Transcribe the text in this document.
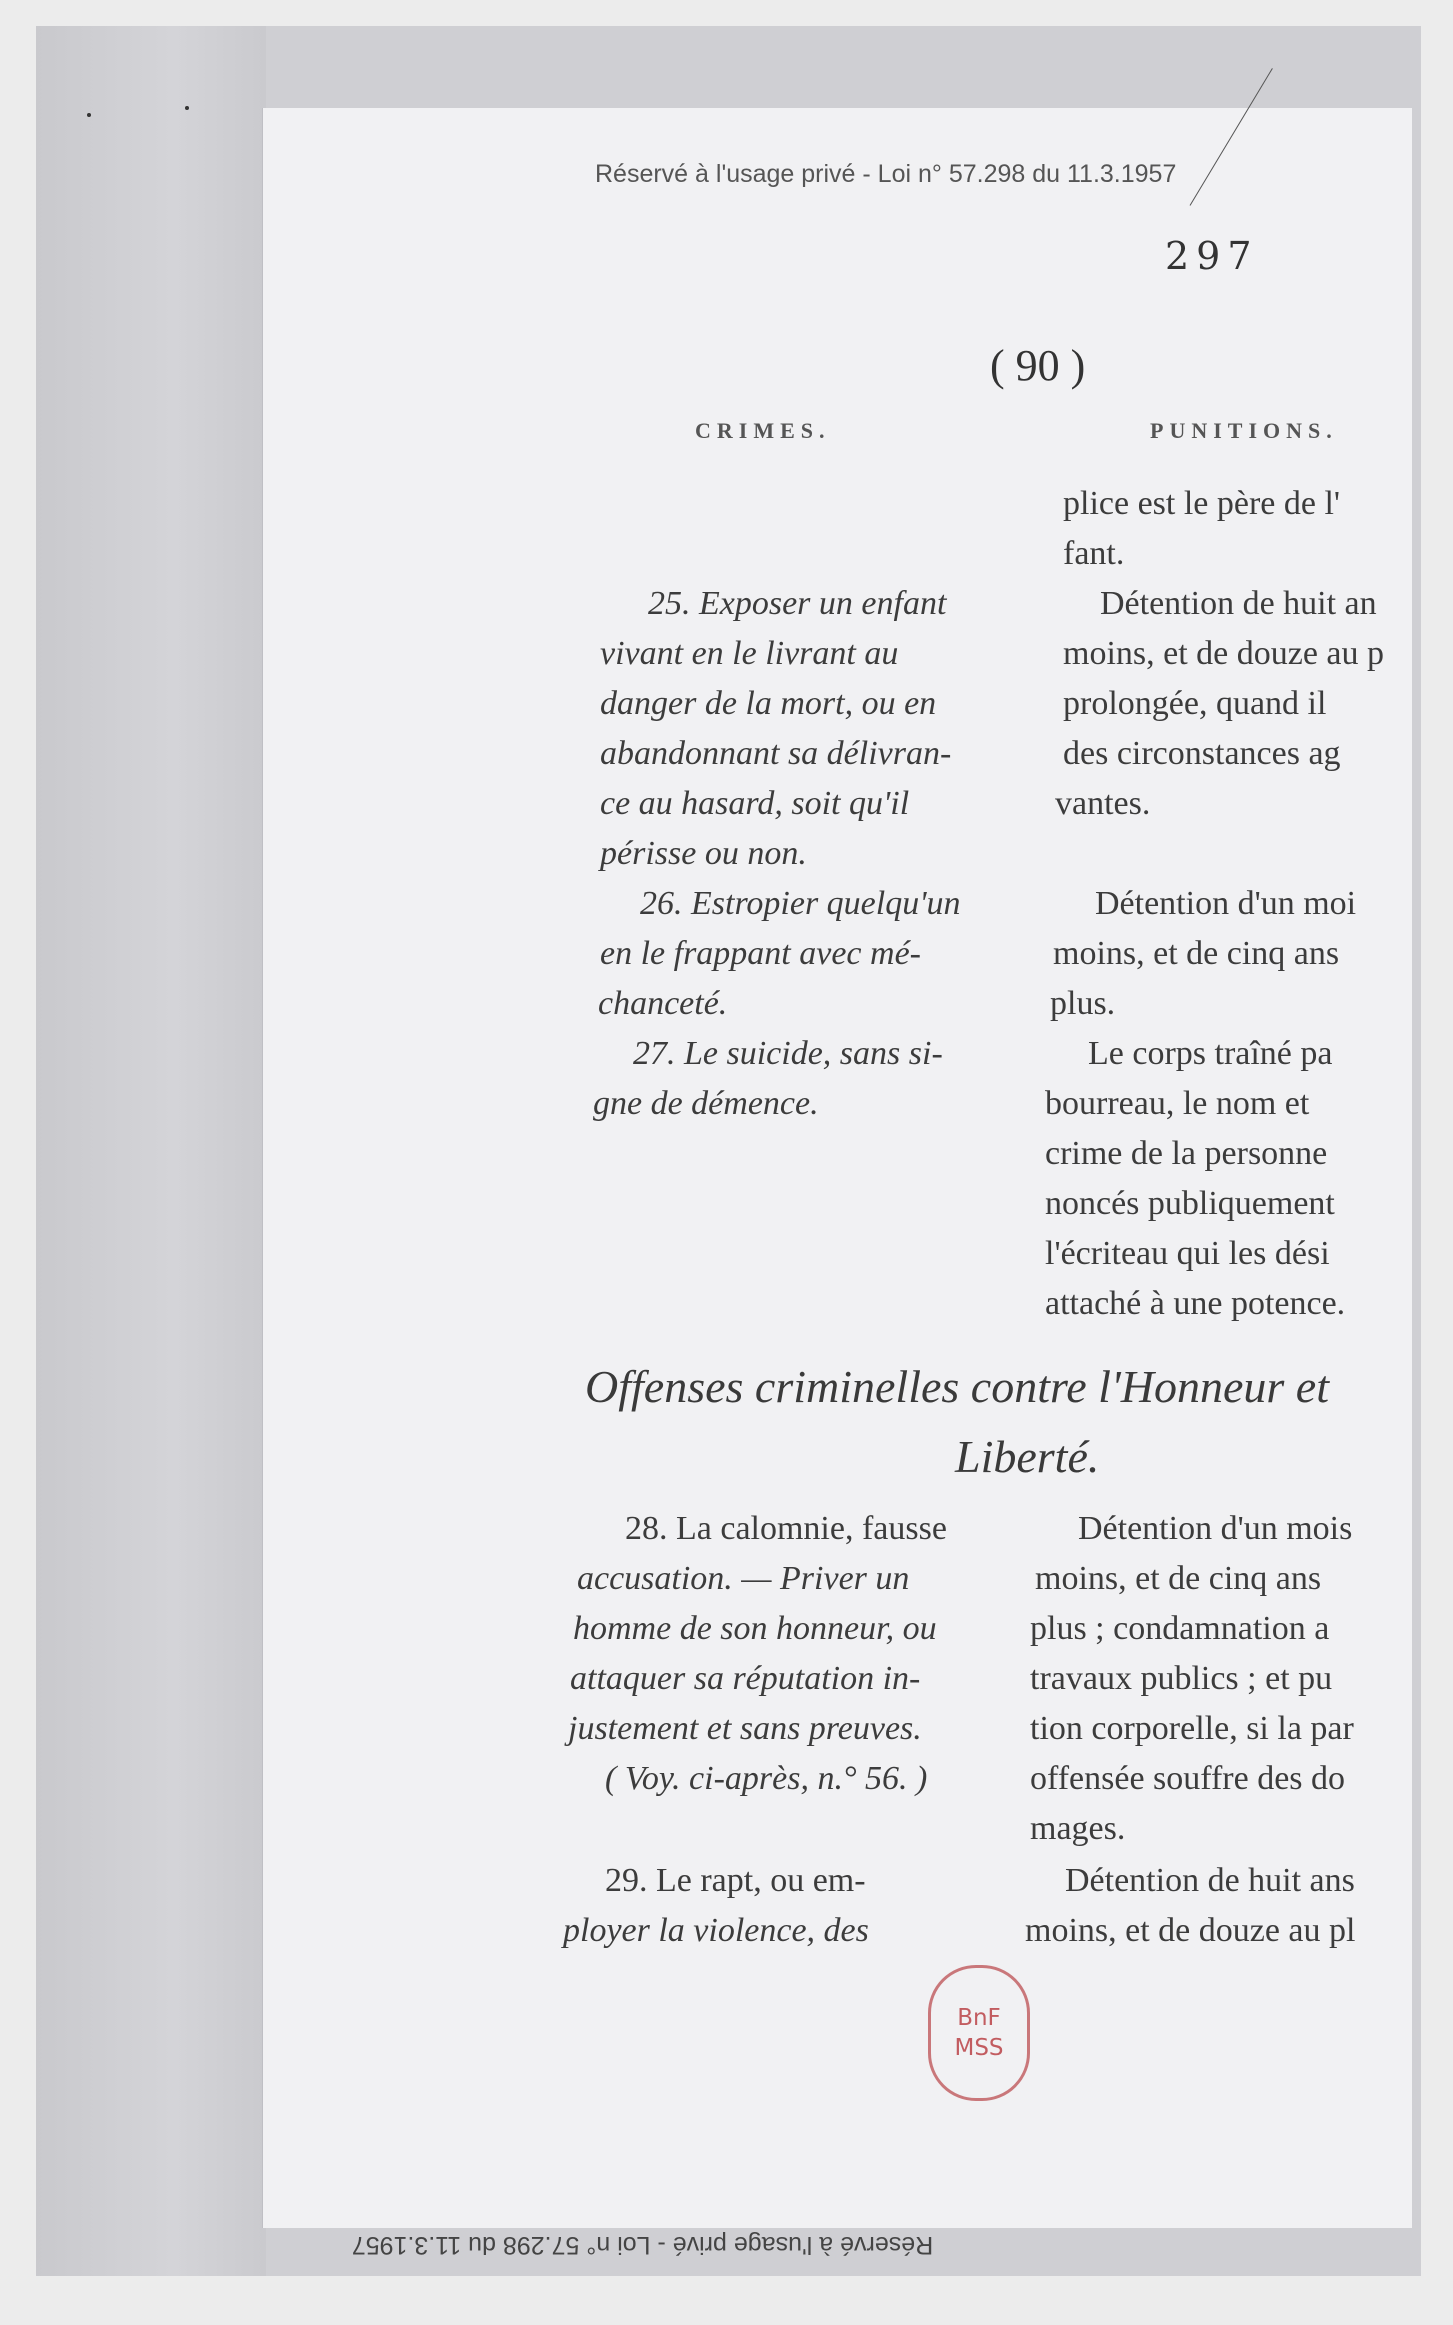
Réservé à l'usage privé - Loi n° 57.298 du 11.3.1957
297
( 90 )
CRIMES.	PUNITIONS.
plice est le père de l'
fant.
25. Exposer un enfant	Détention de huit an
vivant en le livrant au	moins, et de douze au p
danger de la mort, ou en	prolongée, quand il
abandonnant sa délivran-	des circonstances ag
ce au hasard, soit qu'il	vantes.
périsse ou non.
26. Estropier quelqu'un	Détention d'un moi
en le frappant avec mé-	moins, et de cinq ans
chanceté.	plus.
27. Le suicide, sans si-	Le corps traîné pa
gne de démence.	bourreau, le nom et
crime de la personne
noncés publiquement
l'écriteau qui les dési
attaché à une potence.
Offenses criminelles contre l'Honneur et
Liberté.
28. La calomnie, fausse	Détention d'un mois
accusation. — Priver un	moins, et de cinq ans
homme de son honneur, ou	plus ; condamnation a
attaquer sa réputation in-	travaux publics ; et pu
justement et sans preuves.	tion corporelle, si la par
( Voy. ci-après, n.° 56. )	offensée souffre des do
mages.
29. Le rapt, ou em-	Détention de huit ans
ployer la violence, des	moins, et de douze au pl
BnF
MSS
Réservé à l'usage privé - Loi n° 57.298 du 11.3.1957
